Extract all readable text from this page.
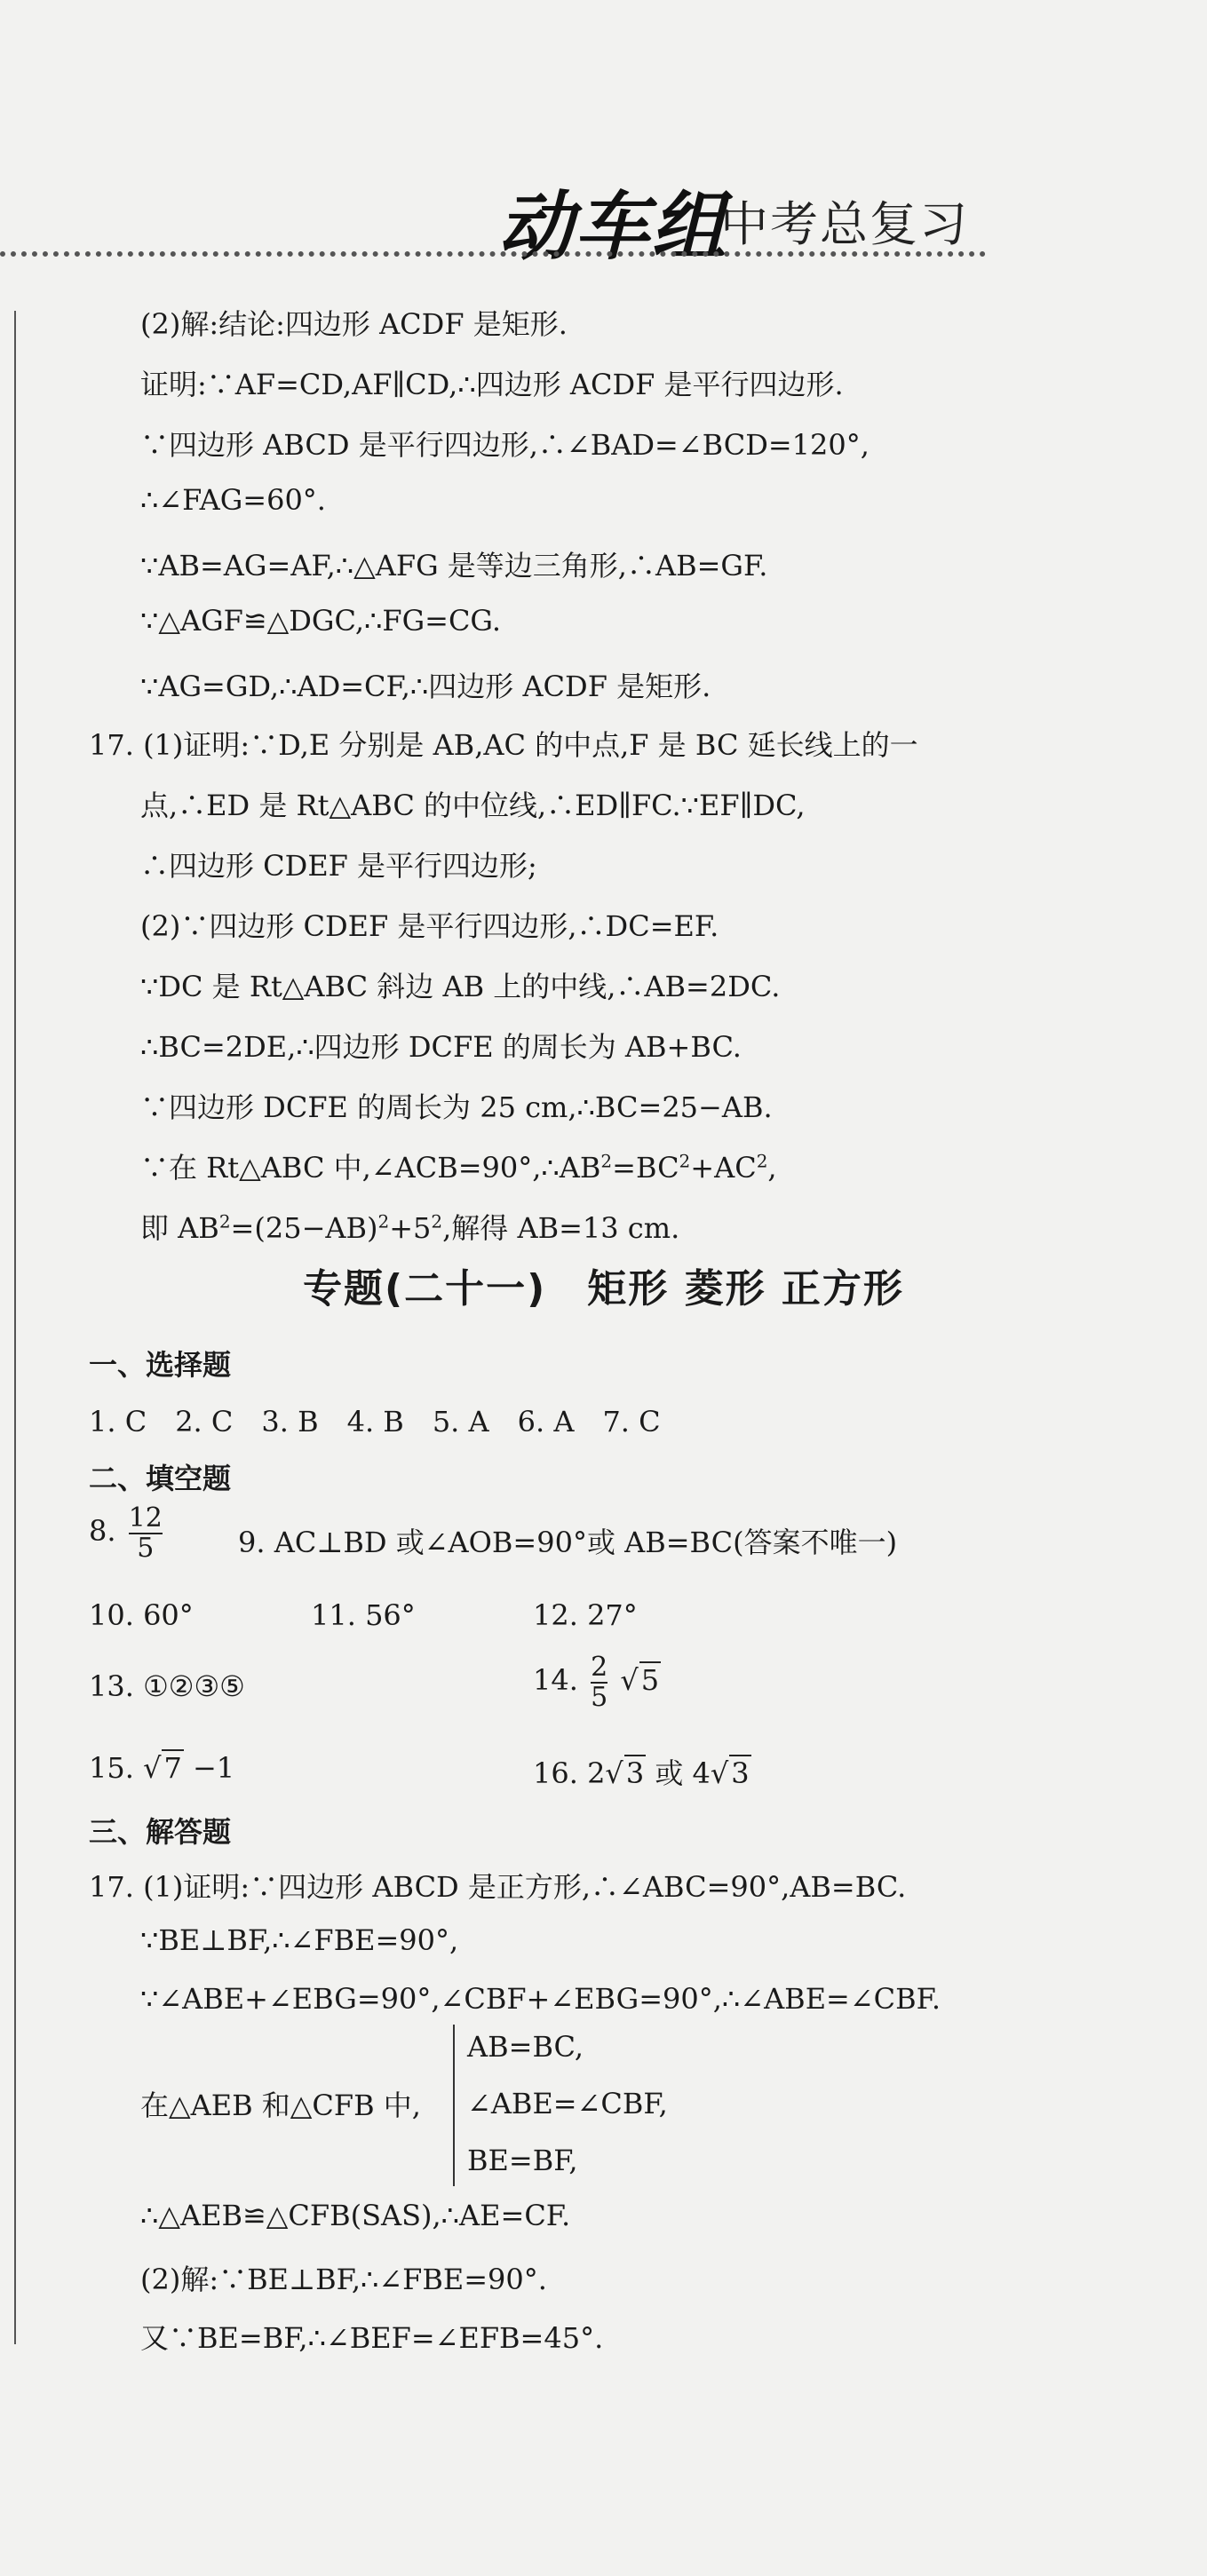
动车组
中考总复习
(2)解:结论:四边形 ACDF 是矩形.
证明:∵AF=CD,AF∥CD,∴四边形 ACDF 是平行四边形.
∵四边形 ABCD 是平行四边形,∴∠BAD=∠BCD=120°,
∴∠FAG=60°.
∵AB=AG=AF,∴△AFG 是等边三角形,∴AB=GF.
∵△AGF≌△DGC,∴FG=CG.
∵AG=GD,∴AD=CF,∴四边形 ACDF 是矩形.
17. (1)证明:∵D,E 分别是 AB,AC 的中点,F 是 BC 延长线上的一
点,∴ED 是 Rt△ABC 的中位线,∴ED∥FC.∵EF∥DC,
∴四边形 CDEF 是平行四边形;
(2)∵四边形 CDEF 是平行四边形,∴DC=EF.
∵DC 是 Rt△ABC 斜边 AB 上的中线,∴AB=2DC.
∴BC=2DE,∴四边形 DCFE 的周长为 AB+BC.
∵四边形 DCFE 的周长为 25 cm,∴BC=25−AB.
∵在 Rt△ABC 中$,\angle ACB=90^\circ,\therefore AB^2=BC^2+AC^2$,
即 $AB^2=(25-AB)^2+5^2$,解得 AB=13 cm.
专题(二十一)　矩形 菱形 正方形
一、选择题
1. C　2. C　3. B　4. B　5. A　6. A　7. C
二、填空题
8. $\frac{12}{5}$	9. AC⊥BD 或∠AOB=90°或 AB=BC(答案不唯一)
10. 60°	11. 56°	12. 27°
13. ①②③⑤	14. $\frac{2}{5} √5$
15. √7 −1	16. 2√3 或 4√3
三、解答题
17. (1)证明:∵四边形 ABCD 是正方形,∴∠ABC=90°,AB=BC.
∵BE⊥BF,∴∠FBE=90°,
∵∠ABE+∠EBG=90°,∠CBF+∠EBG=90°,∴∠ABE=∠CBF.
在△AEB 和△CFB 中,
AB=BC,
∠ABE=∠CBF,
BE=BF,
∴△AEB≌△CFB(SAS),∴AE=CF.
(2)解:∵BE⊥BF,∴∠FBE=90°.
又∵BE=BF,∴∠BEF=∠EFB=45°.
